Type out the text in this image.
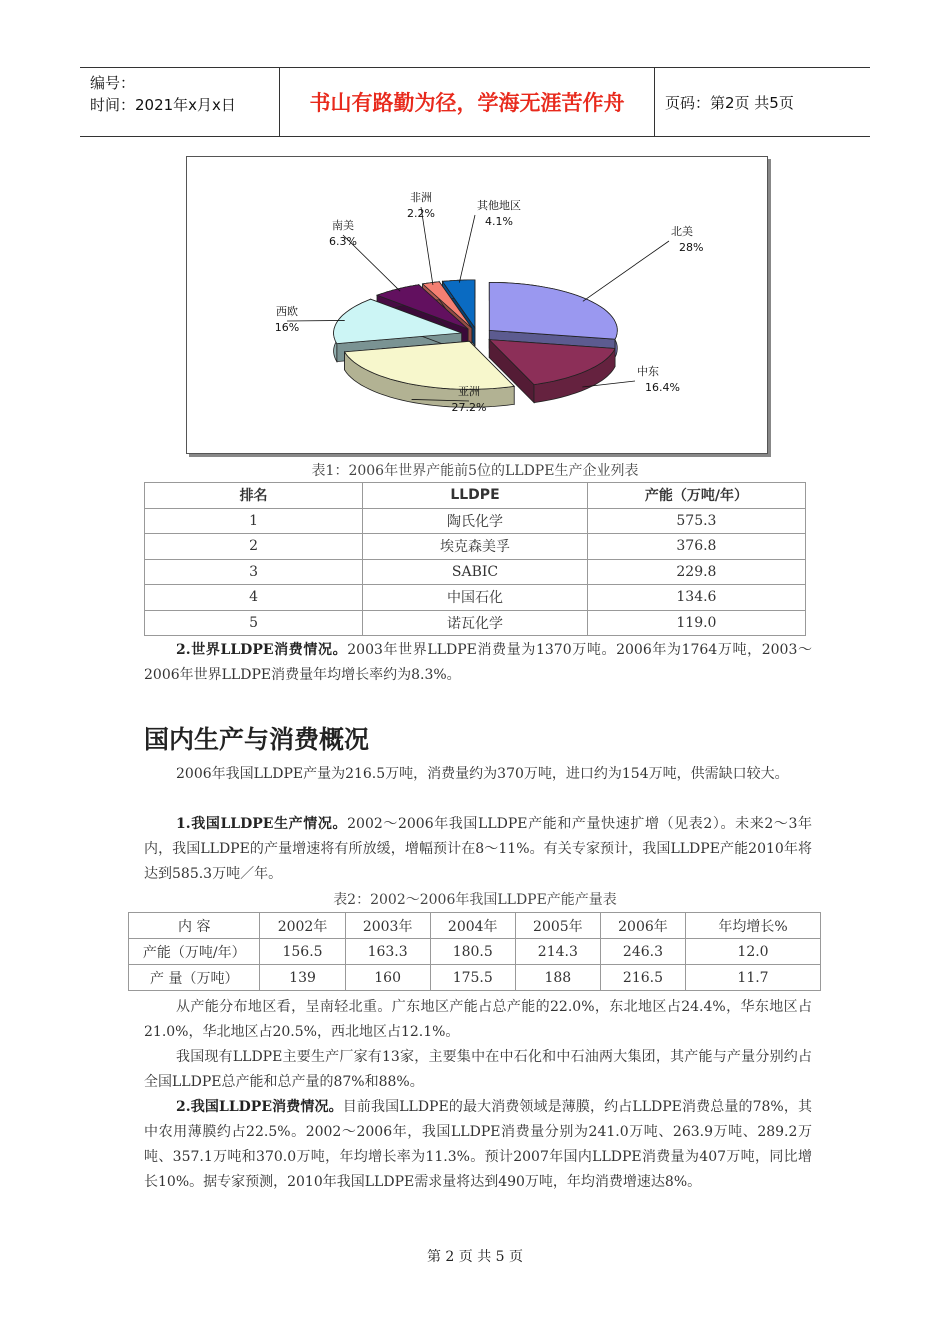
编号：
时间：2021年x月x日	书山有路勤为径，学海无涯苦作舟	页码：第2页 共5页
北美
28%
中东
16.4%
亚洲
27.2%
西欧
16%
南美
6.3%
非洲
2.2%
其他地区
4.1%
表1：2006年世界产能前5位的LLDPE生产企业列表
排名	LLDPE	产能（万吨/年）
1	陶氏化学	575.3
2	埃克森美孚	376.8
3	SABIC	229.8
4	中国石化	134.6
5	诺瓦化学	119.0
2.世界LLDPE消费情况。2003年世界LLDPE消费量为1370万吨。2006年为1764万吨，2003～2006年世界LLDPE消费量年均增长率约为8.3%。
国内生产与消费概况
2006年我国LLDPE产量为216.5万吨，消费量约为370万吨，进口约为154万吨，供需缺口较大。
1.我国LLDPE生产情况。2002～2006年我国LLDPE产能和产量快速扩增（见表2）。未来2～3年内，我国LLDPE的产量增速将有所放缓，增幅预计在8～11%。有关专家预计，我国LLDPE产能2010年将达到585.3万吨／年。
表2：2002～2006年我国LLDPE产能产量表
内 容	2002年	2003年	2004年	2005年	2006年	年均增长%
产能（万吨/年）	156.5	163.3	180.5	214.3	246.3	12.0
产 量（万吨）	139	160	175.5	188	216.5	11.7
从产能分布地区看，呈南轻北重。广东地区产能占总产能的22.0%，东北地区占24.4%，华东地区占21.0%，华北地区占20.5%，西北地区占12.1%。
我国现有LLDPE主要生产厂家有13家，主要集中在中石化和中石油两大集团，其产能与产量分别约占全国LLDPE总产能和总产量的87%和88%。
2.我国LLDPE消费情况。目前我国LLDPE的最大消费领域是薄膜，约占LLDPE消费总量的78%，其中农用薄膜约占22.5%。2002～2006年，我国LLDPE消费量分别为241.0万吨、263.9万吨、289.2万吨、357.1万吨和370.0万吨，年均增长率为11.3%。预计2007年国内LLDPE消费量为407万吨，同比增长10%。据专家预测，2010年我国LLDPE需求量将达到490万吨，年均消费增速达8%。
第 2 页 共 5 页
